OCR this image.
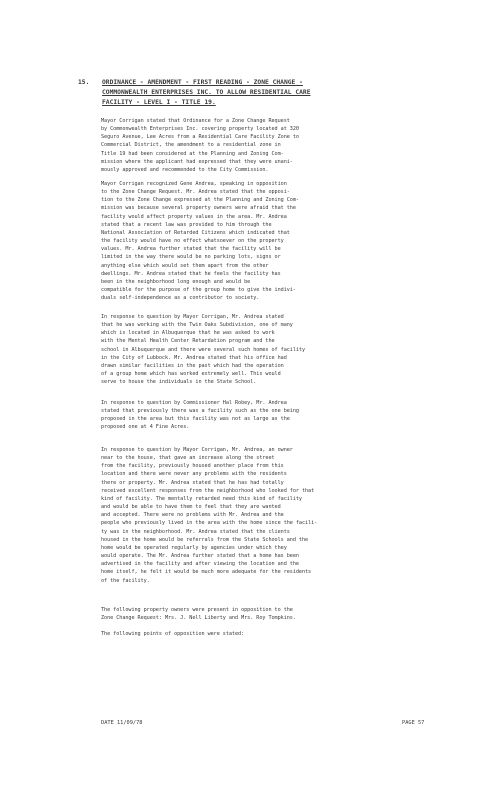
15. ORDINANCE - AMENDMENT - FIRST READING - ZONE CHANGE -
COMMONWEALTH ENTERPRISES INC. TO ALLOW RESIDENTIAL CARE
FACILITY - LEVEL I - TITLE 19.
Mayor Corrigan stated that Ordinance for a Zone Change Request
by Commonwealth Enterprises Inc. covering property located at 320
Seguro Avenue, Lee Acres from a Residential Care Facility Zone to
Commercial District, the amendment to a residential zone in
Title 19 had been considered at the Planning and Zoning Com-
mission where the applicant had expressed that they were unani-
mously approved and recommended to the City Commission.
Mayor Corrigan recognized Gene Andrea, speaking in opposition
to the Zone Change Request. Mr. Andrea stated that the opposi-
tion to the Zone Change expressed at the Planning and Zoning Com-
mission was because several property owners were afraid that the
facility would affect property values in the area. Mr. Andrea
stated that a recent law was provided to him through the
National Association of Retarded Citizens which indicated that
the facility would have no effect whatsoever on the property
values. Mr. Andrea further stated that the facility will be
limited in the way there would be no parking lots, signs or
anything else which would set them apart from the other
dwellings. Mr. Andrea stated that he feels the facility has
been in the neighborhood long enough and would be
compatible for the purpose of the group home to give the indivi-
duals self-independence as a contributor to society.
In response to question by Mayor Corrigan, Mr. Andrea stated
that he was working with the Twin Oaks Subdivision, one of many
which is located in Albuquerque that he was asked to work
with the Mental Health Center Retardation program and the
school in Albuquerque and there were several such homes of facility
in the City of Lubbock. Mr. Andrea stated that his office had
drawn similar facilities in the past which had the operation
of a group home which has worked extremely well. This would
serve to house the individuals in the State School.
In response to question by Commissioner Hal Robey, Mr. Andrea
stated that previously there was a facility such as the one being
proposed in the area but this facility was not as large as the
proposed one at 4 Fine Acres.
In response to question by Mayor Corrigan, Mr. Andrea, an owner
near to the house, that gave an increase along the street
from the facility, previously housed another place from this
location and there were never any problems with the residents
there or property. Mr. Andrea stated that he has had totally
received excellent responses from the neighborhood who looked for that
kind of facility. The mentally retarded need this kind of facility
and would be able to have them to feel that they are wanted
and accepted. There were no problems with Mr. Andrea and the
people who previously lived in the area with the home since the facili-
ty was in the neighborhood. Mr. Andrea stated that the clients
housed in the home would be referrals from the State Schools and the
home would be operated regularly by agencies under which they
would operate. The Mr. Andrea further stated that a home has been
advertised in the facility and after viewing the location and the
home itself, he felt it would be much more adequate for the residents
of the facility.
The following property owners were present in opposition to the
Zone Change Request: Mrs. J. Nell Liberty and Mrs. Roy Tompkins.
The following points of opposition were stated:
DATE 11/09/78	PAGE 57
